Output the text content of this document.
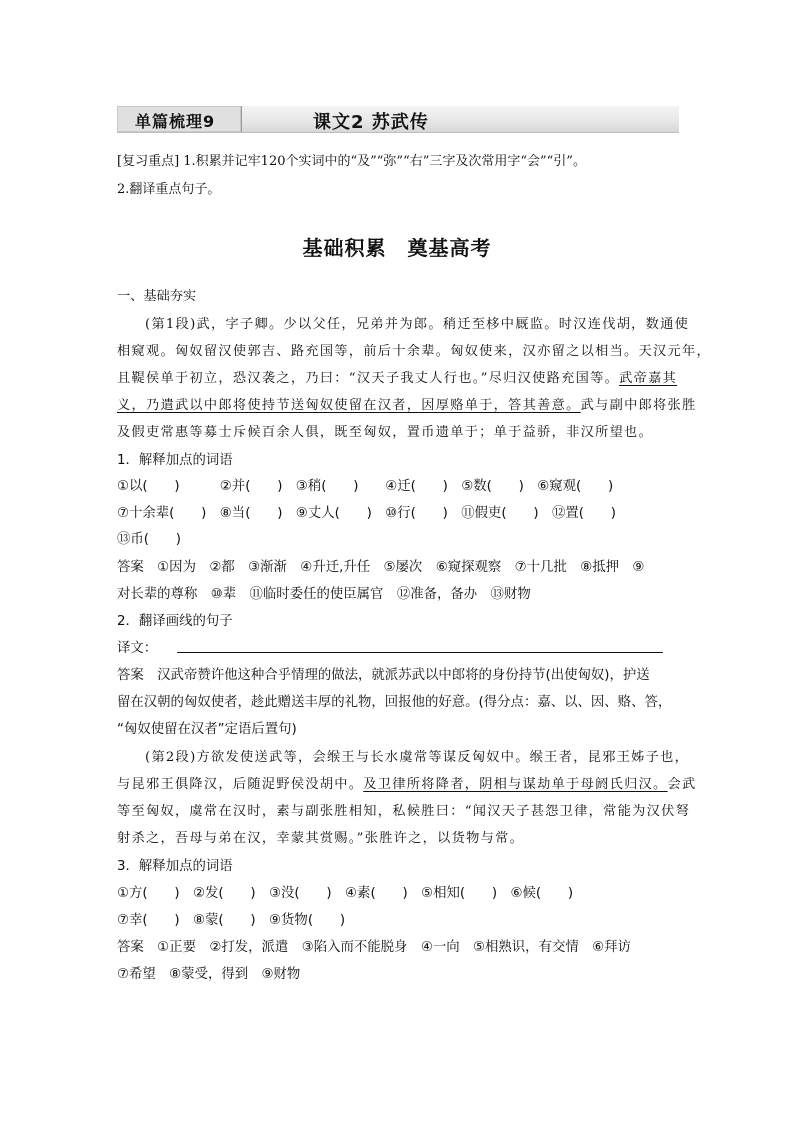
单篇梳理9	课文2 苏武传
[复习重点] 1.积累并记牢120个实词中的“及”“弥”“右”三字及次常用字“会”“引”。
2.翻译重点句子。
基础积累　奠基高考
一、基础夯实
(第1段)武，字子卿。少以父任，兄弟并为郎。稍迁至栘中厩监。时汉连伐胡，数通使
相窥观。匈奴留汉使郭吉、路充国等，前后十余辈。匈奴使来，汉亦留之以相当。天汉元年，
且鞮侯单于初立，恐汉袭之，乃曰：“汉天子我丈人行也。”尽归汉使路充国等。武帝嘉其
义，乃遣武以中郎将使持节送匈奴使留在汉者，因厚赂单于，答其善意。武与副中郎将张胜
及假吏常惠等募士斥候百余人俱，既至匈奴，置币遗单于；单于益骄，非汉所望也。
1．解释加点的词语
①以(　　)　　　②并(　　)　③稍(　　)　　④迁(　　)　⑤数(　　)　⑥窥观(　　)
⑦十余辈(　　)　⑧当(　　)　⑨丈人(　　)　⑩行(　　)　⑪假吏(　　)　⑫置(　　)
⑬币(　　)
答案　①因为　②都　③渐渐　④升迁,升任　⑤屡次　⑥窥探观察　⑦十几批　⑧抵押　⑨
对长辈的尊称　⑩辈　⑪临时委任的使臣属官　⑫准备，备办　⑬财物
2．翻译画线的句子
译文：
答案　汉武帝赞许他这种合乎情理的做法，就派苏武以中郎将的身份持节(出使匈奴)，护送
留在汉朝的匈奴使者，趁此赠送丰厚的礼物，回报他的好意。(得分点：嘉、以、因、赂、答，
“匈奴使留在汉者”定语后置句)
(第2段)方欲发使送武等，会缑王与长水虞常等谋反匈奴中。缑王者，昆邪王姊子也，
与昆邪王俱降汉，后随浞野侯没胡中。及卫律所将降者，阴相与谋劫单于母阏氏归汉。会武
等至匈奴，虞常在汉时，素与副张胜相知，私候胜曰：“闻汉天子甚怨卫律，常能为汉伏弩
射杀之，吾母与弟在汉，幸蒙其赏赐。”张胜许之，以货物与常。
3．解释加点的词语
①方(　　)　②发(　　)　③没(　　)　④素(　　)　⑤相知(　　)　⑥候(　　)
⑦幸(　　)　⑧蒙(　　)　⑨货物(　　)
答案　①正要　②打发，派遣　③陷入而不能脱身　④一向　⑤相熟识，有交情　⑥拜访
⑦希望　⑧蒙受，得到　⑨财物
